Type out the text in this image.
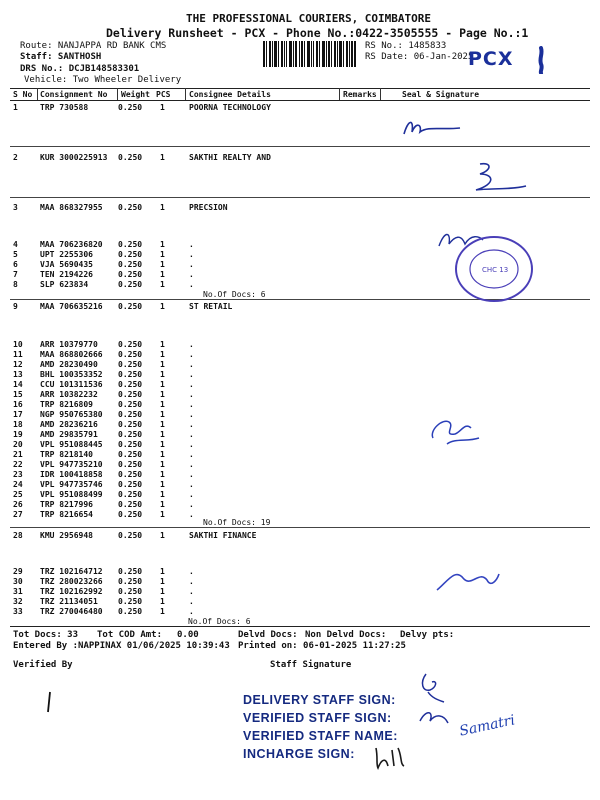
THE PROFESSIONAL COURIERS, COIMBATORE
Delivery Runsheet - PCX - Phone No.:0422-3505555 - Page No.:1
Route: NANJAPPA RD BANK CMS
Staff: SANTHOSH
DRS No.: DCJB148583301
Vehicle: Two Wheeler Delivery
RS No.: 1485833
RS Date: 06-Jan-2025
PCX
S No Consignment No Weight PCS Consignee Details	Remarks	Seal & Signature
1	TRP 730588	0.250 1	POORNA TECHNOLOGY
2	KUR 3000225913 0.250 1	SAKTHI REALTY AND
3	MAA 868327955 0.250 1	PRECSION
4	MAA 706236820 0.250 1	.
5	UPT 2255306	0.250 1	.
6	VJA 5690435	0.250 1	.
7	TEN 2194226	0.250 1	.
8	SLP 623834	0.250 1	.
No.Of Docs: 6
9	MAA 706635216 0.250 1	ST RETAIL
10 ARR 10379770	0.250 1	.
11 MAA 868802666 0.250 1	.
12 AMD 28230490	0.250 1	.
13 BHL 100353352 0.250 1	.
14 CCU 101311536 0.250 1	.
15 ARR 10382232	0.250 1	.
16 TRP 8216809	0.250 1	.
17 NGP 950765380 0.250 1	.
18 AMD 28236216	0.250 1	.
19 AMD 29835791	0.250 1	.
20 VPL 951088445 0.250 1	.
21 TRP 8218140	0.250 1	.
22 VPL 947735210 0.250 1	.
23 IDR 100418858 0.250 1	.
24 VPL 947735746 0.250 1	.
25 VPL 951088499 0.250 1	.
26 TRP 8217996	0.250 1	.
27 TRP 8216654	0.250 1	.
No.Of Docs: 19
28 KMU 2956948	0.250 1	SAKTHI FINANCE
29 TRZ 102164712 0.250 1	.
30 TRZ 280023266 0.250 1	.
31 TRZ 102162992 0.250 1	.
32 TRZ 21134051	0.250 1	.
33 TRZ 270046480 0.250 1	.
No.Of Docs: 6
Tot Docs: 33 Tot COD Amt: 0.00	Delvd Docs: Non Delvd Docs: Delvy pts:
Entered By :NAPPINAX 01/06/2025 10:39:43 Printed on: 06-01-2025 11:27:25
Verified By	Staff Signature
DELIVERY STAFF SIGN:
VERIFIED STAFF SIGN:
VERIFIED STAFF NAME:
INCHARGE SIGN:
Samatri
CHC 13
